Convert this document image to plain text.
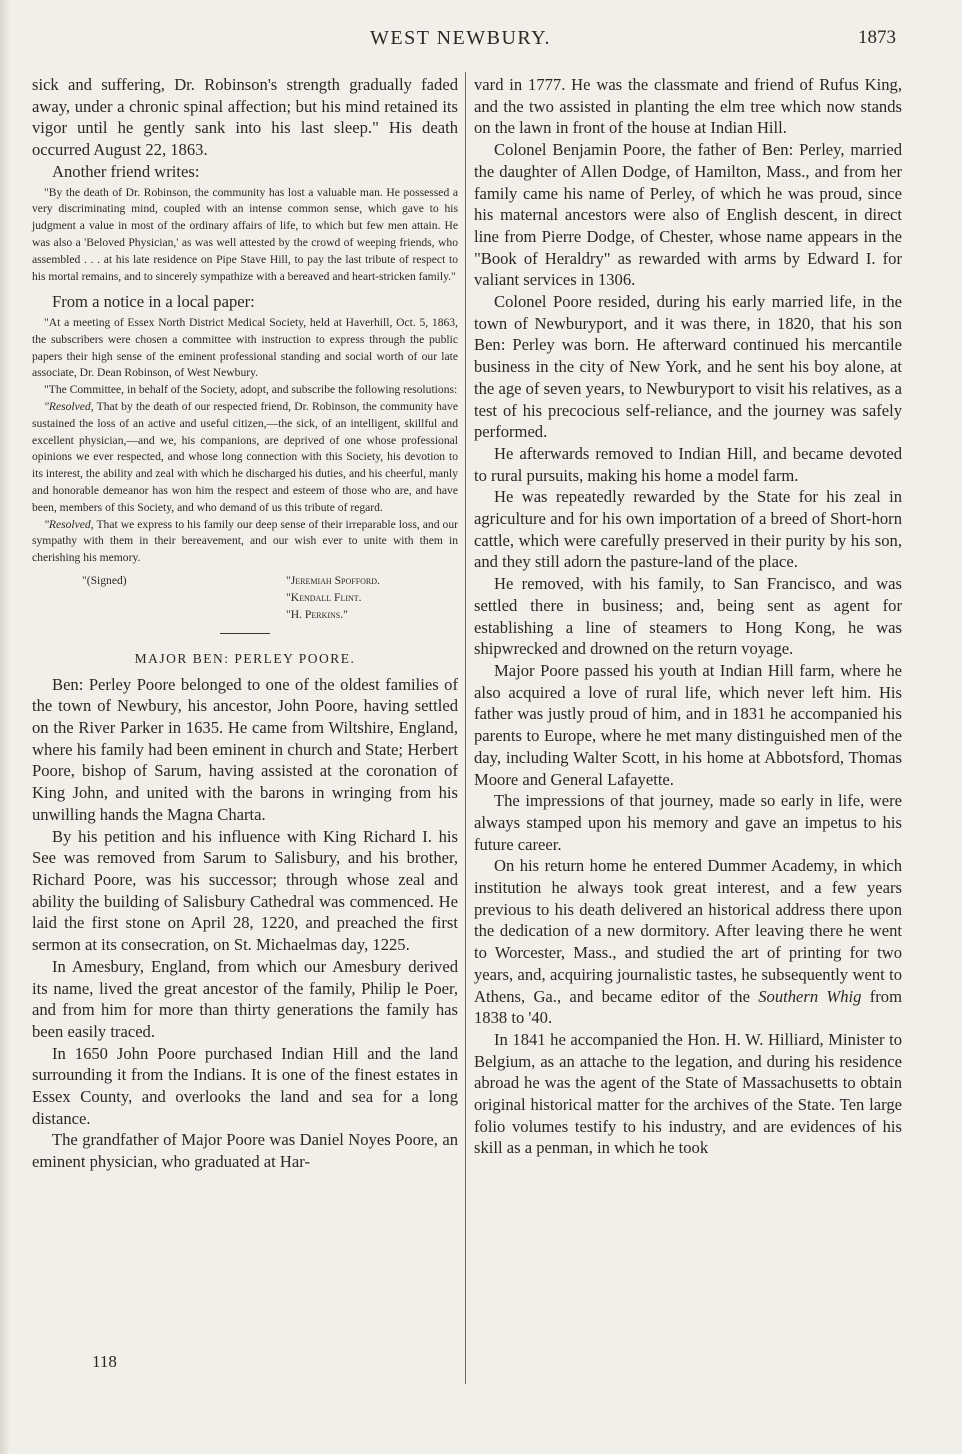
WEST NEWBURY.	1873

sick and suffering, Dr. Robinson's strength gradually faded away, under a chronic spinal affection; but his mind retained its vigor until he gently sank into his last sleep." His death occurred August 22, 1863.

Another friend writes:

"By the death of Dr. Robinson, the community has lost a valuable man. He possessed a very discriminating mind, coupled with an intense common sense, which gave to his judgment a value in most of the ordinary affairs of life, to which but few men attain. He was also a 'Beloved Physician,' as was well attested by the crowd of weeping friends, who assembled . . . at his late residence on Pipe Stave Hill, to pay the last tribute of respect to his mortal remains, and to sincerely sympathize with a bereaved and heart-stricken family."

From a notice in a local paper:

"At a meeting of Essex North District Medical Society, held at Haverhill, Oct. 5, 1863, the subscribers were chosen a committee with instruction to express through the public papers their high sense of the eminent professional standing and social worth of our late associate, Dr. Dean Robinson, of West Newbury.

"The Committee, in behalf of the Society, adopt, and subscribe the following resolutions:

"Resolved, That by the death of our respected friend, Dr. Robinson, the community have sustained the loss of an active and useful citizen,—the sick, of an intelligent, skillful and excellent physician,—and we, his companions, are deprived of one whose professional opinions we ever respected, and whose long connection with this Society, his devotion to its interest, the ability and zeal with which he discharged his duties, and his cheerful, manly and honorable demeanor has won him the respect and esteem of those who are, and have been, members of this Society, and who demand of us this tribute of regard.

"Resolved, That we express to his family our deep sense of their irreparable loss, and our sympathy with them in their bereavement, and our wish ever to unite with them in cherishing his memory.

"(Signed)	"Jeremiah Spofford.
"Kendall Flint.
"H. Perkins."
MAJOR BEN: PERLEY POORE.

Ben: Perley Poore belonged to one of the oldest families of the town of Newbury, his ancestor, John Poore, having settled on the River Parker in 1635. He came from Wiltshire, England, where his family had been eminent in church and State; Herbert Poore, bishop of Sarum, having assisted at the coronation of King John, and united with the barons in wringing from his unwilling hands the Magna Charta.

By his petition and his influence with King Richard I. his See was removed from Sarum to Salisbury, and his brother, Richard Poore, was his successor; through whose zeal and ability the building of Salisbury Cathedral was commenced. He laid the first stone on April 28, 1220, and preached the first sermon at its consecration, on St. Michaelmas day, 1225.

In Amesbury, England, from which our Amesbury derived its name, lived the great ancestor of the family, Philip le Poer, and from him for more than thirty generations the family has been easily traced.

In 1650 John Poore purchased Indian Hill and the land surrounding it from the Indians. It is one of the finest estates in Essex County, and overlooks the land and sea for a long distance.

The grandfather of Major Poore was Daniel Noyes Poore, an eminent physician, who graduated at Har-

vard in 1777. He was the classmate and friend of Rufus King, and the two assisted in planting the elm tree which now stands on the lawn in front of the house at Indian Hill.

Colonel Benjamin Poore, the father of Ben: Perley, married the daughter of Allen Dodge, of Hamilton, Mass., and from her family came his name of Perley, of which he was proud, since his maternal ancestors were also of English descent, in direct line from Pierre Dodge, of Chester, whose name appears in the "Book of Heraldry" as rewarded with arms by Edward I. for valiant services in 1306.

Colonel Poore resided, during his early married life, in the town of Newburyport, and it was there, in 1820, that his son Ben: Perley was born. He afterward continued his mercantile business in the city of New York, and he sent his boy alone, at the age of seven years, to Newburyport to visit his relatives, as a test of his precocious self-reliance, and the journey was safely performed.

He afterwards removed to Indian Hill, and became devoted to rural pursuits, making his home a model farm.

He was repeatedly rewarded by the State for his zeal in agriculture and for his own importation of a breed of Short-horn cattle, which were carefully preserved in their purity by his son, and they still adorn the pasture-land of the place.

He removed, with his family, to San Francisco, and was settled there in business; and, being sent as agent for establishing a line of steamers to Hong Kong, he was shipwrecked and drowned on the return voyage.

Major Poore passed his youth at Indian Hill farm, where he also acquired a love of rural life, which never left him. His father was justly proud of him, and in 1831 he accompanied his parents to Europe, where he met many distinguished men of the day, including Walter Scott, in his home at Abbotsford, Thomas Moore and General Lafayette.

The impressions of that journey, made so early in life, were always stamped upon his memory and gave an impetus to his future career.

On his return home he entered Dummer Academy, in which institution he always took great interest, and a few years previous to his death delivered an historical address there upon the dedication of a new dormitory. After leaving there he went to Worcester, Mass., and studied the art of printing for two years, and, acquiring journalistic tastes, he subsequently went to Athens, Ga., and became editor of the Southern Whig from 1838 to '40.

In 1841 he accompanied the Hon. H. W. Hilliard, Minister to Belgium, as an attache to the legation, and during his residence abroad he was the agent of the State of Massachusetts to obtain original historical matter for the archives of the State. Ten large folio volumes testify to his industry, and are evidences of his skill as a penman, in which he took

118
